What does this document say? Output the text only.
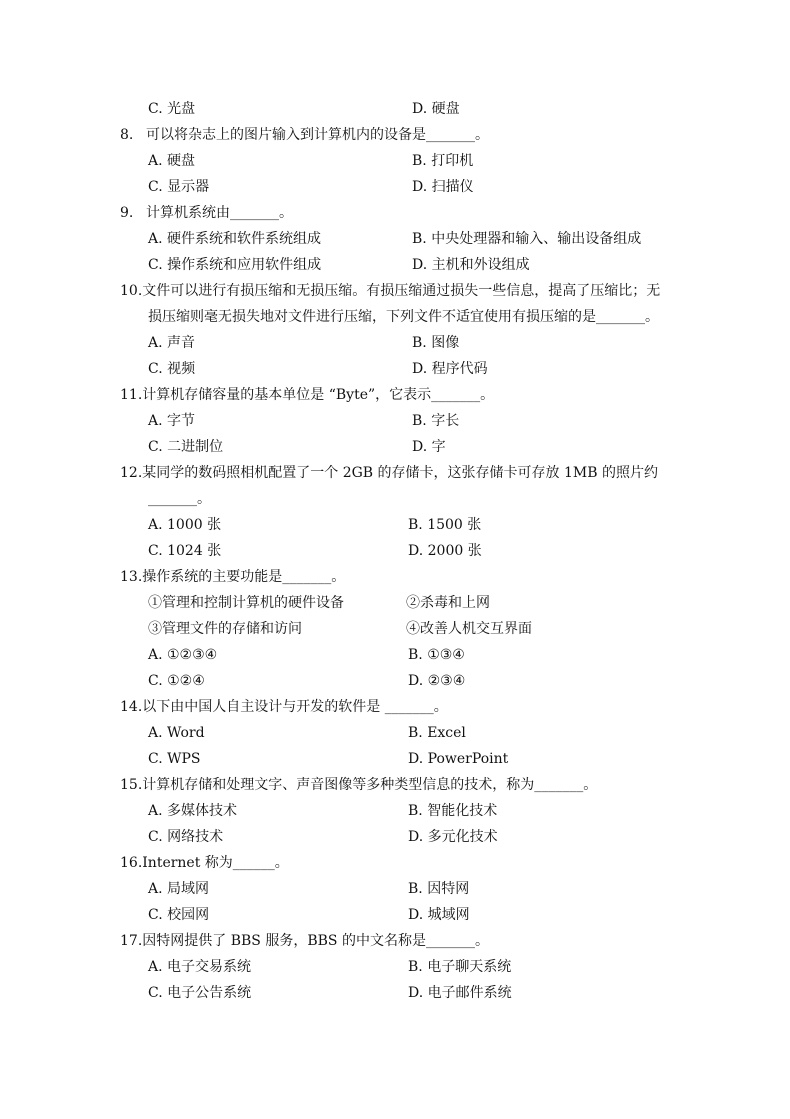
C. 光盘	D. 硬盘
8. 可以将杂志上的图片输入到计算机内的设备是_______。
A. 硬盘	B. 打印机
C. 显示器	D. 扫描仪
9. 计算机系统由_______。
A. 硬件系统和软件系统组成	B. 中央处理器和输入、输出设备组成
C. 操作系统和应用软件组成	D. 主机和外设组成
10.文件可以进行有损压缩和无损压缩。有损压缩通过损失一些信息，提高了压缩比；无
损压缩则毫无损失地对文件进行压缩，下列文件不适宜使用有损压缩的是_______。
A. 声音	B. 图像
C. 视频	D. 程序代码
11.计算机存储容量的基本单位是 “Byte”，它表示_______。
A. 字节	B. 字长
C. 二进制位	D. 字
12.某同学的数码照相机配置了一个 2GB 的存储卡，这张存储卡可存放 1MB 的照片约
_______。
A. 1000 张	B. 1500 张
C. 1024 张	D. 2000 张
13.操作系统的主要功能是_______。
①管理和控制计算机的硬件设备	②杀毒和上网
③管理文件的存储和访问	④改善人机交互界面
A. ①②③④	B. ①③④
C. ①②④	D. ②③④
14.以下由中国人自主设计与开发的软件是 _______。
A. Word	B. Excel
C. WPS	D. PowerPoint
15.计算机存储和处理文字、声音图像等多种类型信息的技术，称为_______。
A. 多媒体技术	B. 智能化技术
C. 网络技术	D. 多元化技术
16.Internet 称为______。
A. 局域网	B. 因特网
C. 校园网	D. 城域网
17.因特网提供了 BBS 服务，BBS 的中文名称是_______。
A. 电子交易系统	B. 电子聊天系统
C. 电子公告系统	D. 电子邮件系统
